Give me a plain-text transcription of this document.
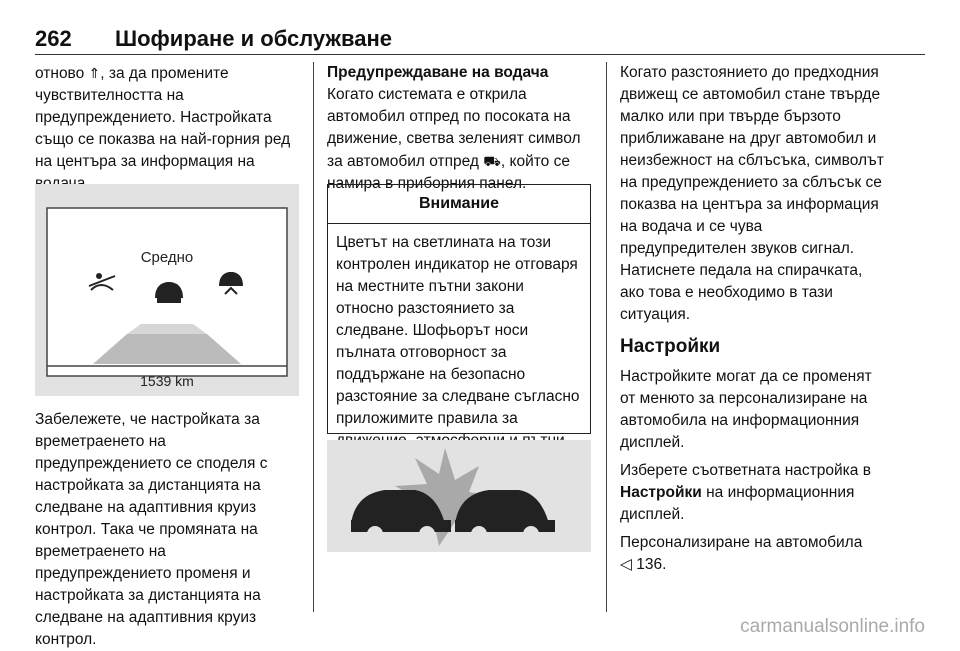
262 Шофиране и обслужване

отново ⇑, за да промените чувствителността на предупреждението. Настройката също се показва на най-горния ред на центъра за информация на

Средно
1539 km
Забележете, че настройката за времетраенето на предупреждението се споделя с настройката за дистанцията на следване на адаптивния круиз контрол. Така че промяната на времетраенето на предупреждението променя и настройката за дистанцията на следване на адаптивния круиз контрол.

Предупреждаване на водача

Когато системата е открила автомобил отпред по посоката на движение, светва зеленият символ за автомобил отпред ⛟, който се намира в приборния панел.

Внимание
Цветът на светлината на този контролен индикатор не отговаря на местните пътни закони относно разстоянието за следване. Шофьорът носи пълната отговорност за поддържане на безопасно разстояние за следване съгласно приложимите правила за

Когато разстоянието до предходния движещ се автомобил стане твърде малко или при твърде бързото приближаване на друг автомобил и неизбежност на сблъсъка, символът на предупреждението за сблъсък се показва на центъра за информация на водача и се чува предупредителен звуков сигнал. Натиснете педала на спирачката, ако това е необходимо в тази ситуация.

Настройки

Настройките могат да се променят от менюто за персонализиране на автомобила на информационния дисплей.

Изберете съответната настройка в Настройки на информационния дисплей.

Персонализиране на автомобила
◁ 136.

carmanualsonline.info
